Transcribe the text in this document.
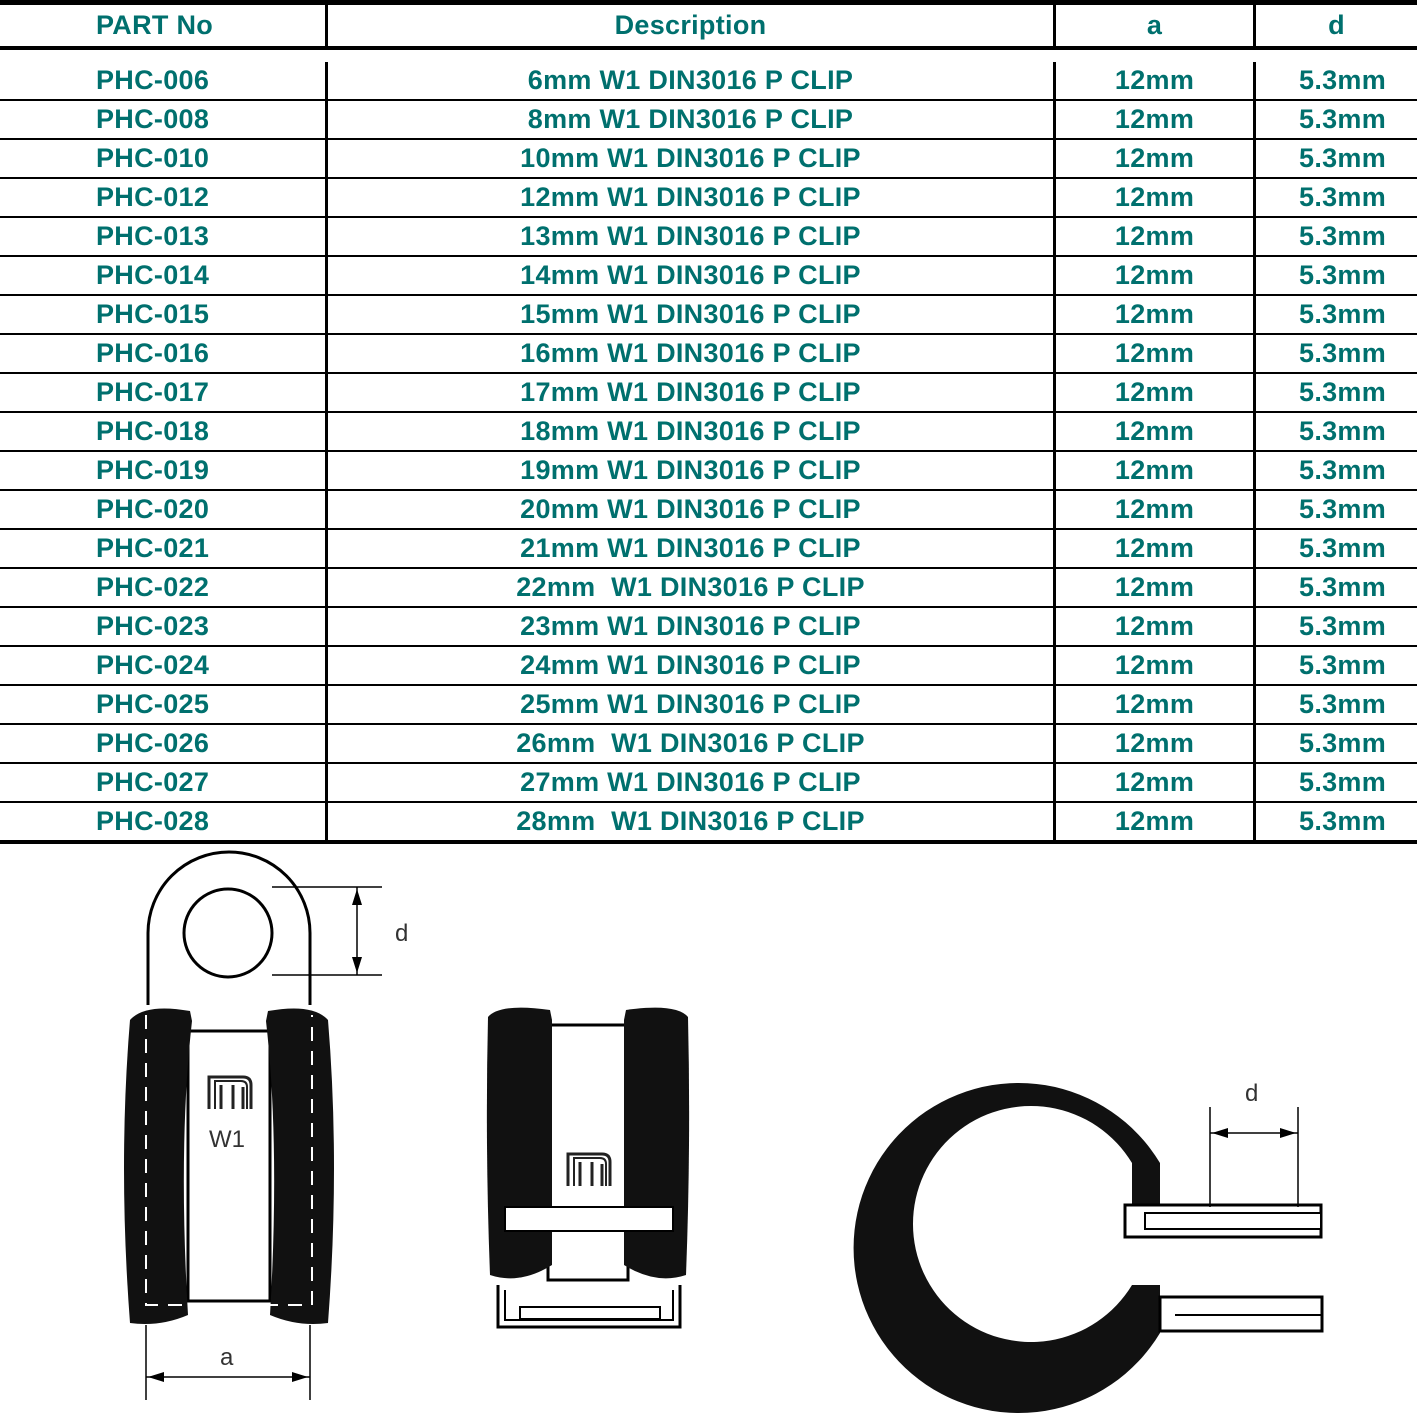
PART No	Description	a	d
PHC-006	6mm W1 DIN3016 P CLIP	12mm	5.3mm
PHC-008	8mm W1 DIN3016 P CLIP	12mm	5.3mm
PHC-010	10mm W1 DIN3016 P CLIP	12mm	5.3mm
PHC-012	12mm W1 DIN3016 P CLIP	12mm	5.3mm
PHC-013	13mm W1 DIN3016 P CLIP	12mm	5.3mm
PHC-014	14mm W1 DIN3016 P CLIP	12mm	5.3mm
PHC-015	15mm W1 DIN3016 P CLIP	12mm	5.3mm
PHC-016	16mm W1 DIN3016 P CLIP	12mm	5.3mm
PHC-017	17mm W1 DIN3016 P CLIP	12mm	5.3mm
PHC-018	18mm W1 DIN3016 P CLIP	12mm	5.3mm
PHC-019	19mm W1 DIN3016 P CLIP	12mm	5.3mm
PHC-020	20mm W1 DIN3016 P CLIP	12mm	5.3mm
PHC-021	21mm W1 DIN3016 P CLIP	12mm	5.3mm
PHC-022	22mm  W1 DIN3016 P CLIP	12mm	5.3mm
PHC-023	23mm W1 DIN3016 P CLIP	12mm	5.3mm
PHC-024	24mm W1 DIN3016 P CLIP	12mm	5.3mm
PHC-025	25mm W1 DIN3016 P CLIP	12mm	5.3mm
PHC-026	26mm  W1 DIN3016 P CLIP	12mm	5.3mm
PHC-027	27mm W1 DIN3016 P CLIP	12mm	5.3mm
PHC-028	28mm  W1 DIN3016 P CLIP	12mm	5.3mm
d
W1
a
d
